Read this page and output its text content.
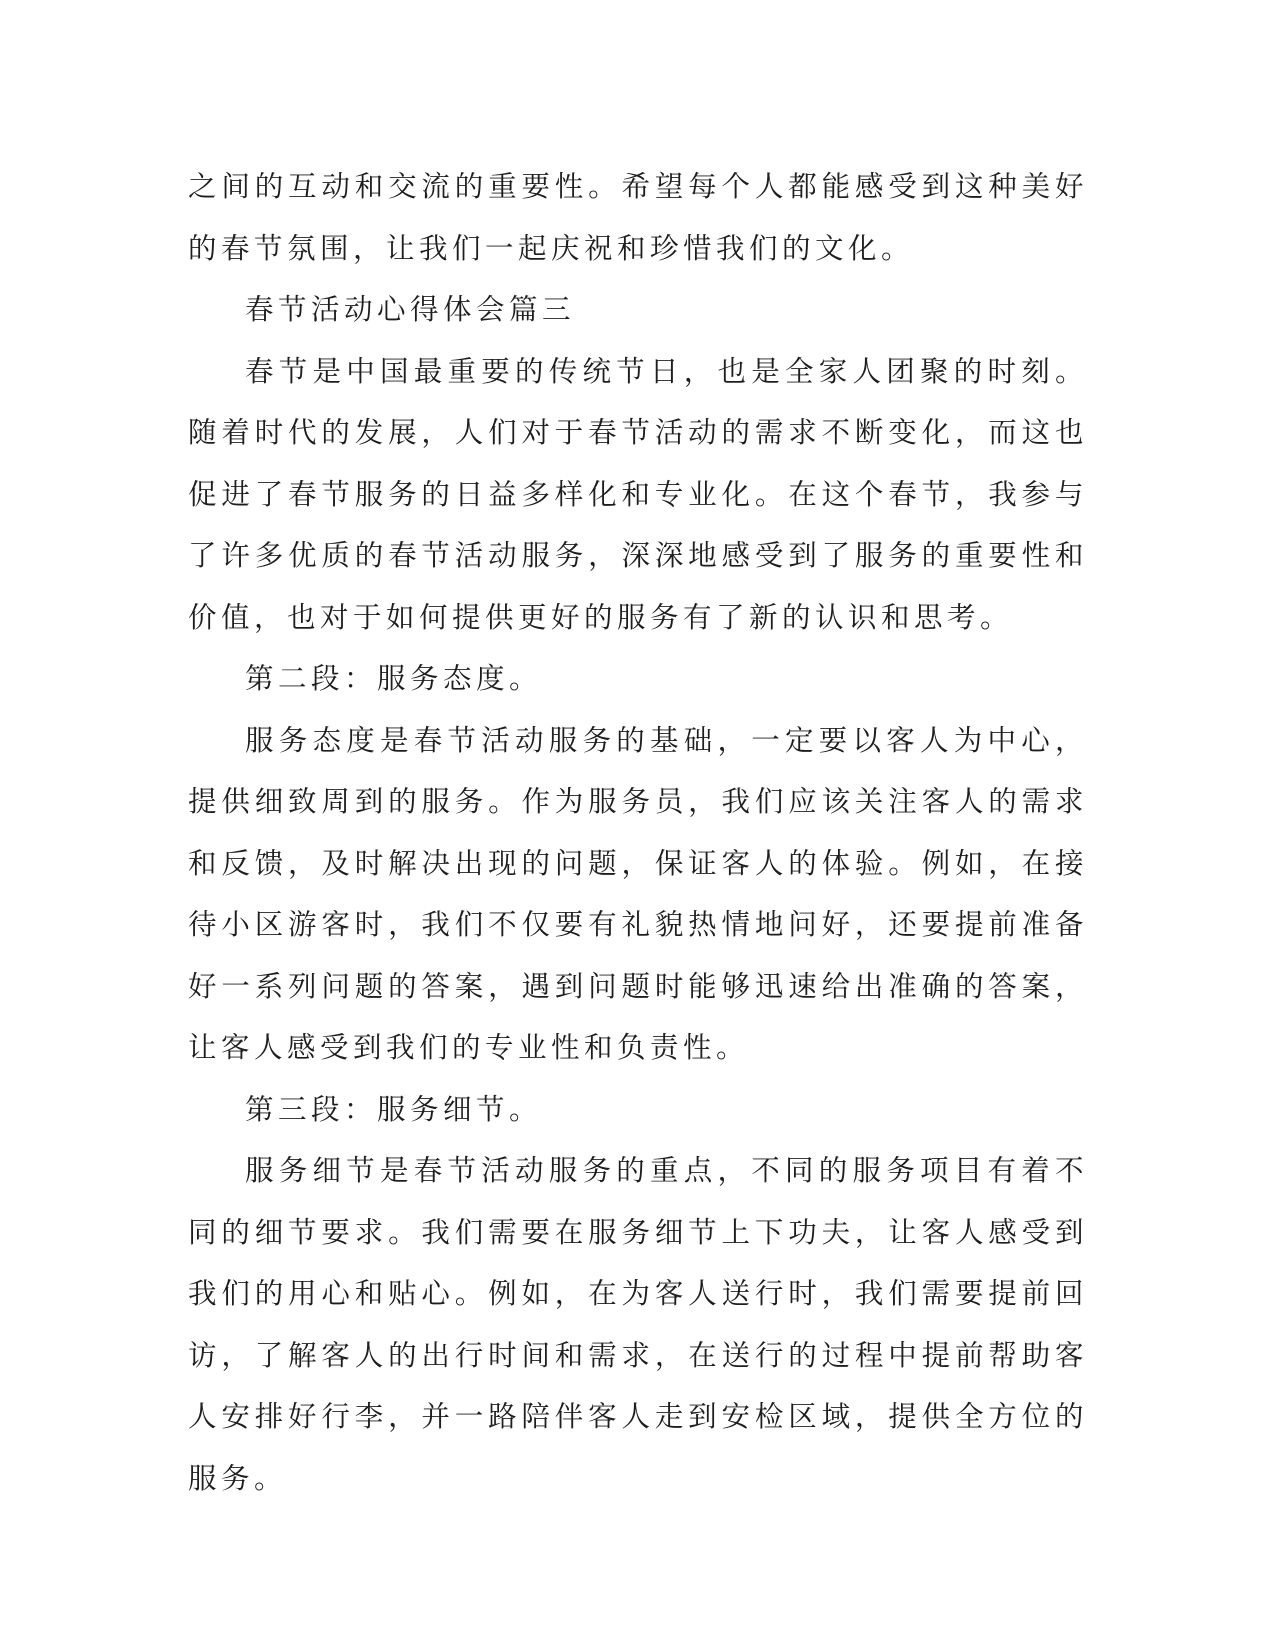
之间的互动和交流的重要性。希望每个人都能感受到这种美好的春节氛围，让我们一起庆祝和珍惜我们的文化。

春节活动心得体会篇三

春节是中国最重要的传统节日，也是全家人团聚的时刻。随着时代的发展，人们对于春节活动的需求不断变化，而这也促进了春节服务的日益多样化和专业化。在这个春节，我参与了许多优质的春节活动服务，深深地感受到了服务的重要性和价值，也对于如何提供更好的服务有了新的认识和思考。

第二段：服务态度。

服务态度是春节活动服务的基础，一定要以客人为中心，提供细致周到的服务。作为服务员，我们应该关注客人的需求和反馈，及时解决出现的问题，保证客人的体验。例如，在接待小区游客时，我们不仅要有礼貌热情地问好，还要提前准备好一系列问题的答案，遇到问题时能够迅速给出准确的答案，让客人感受到我们的专业性和负责性。

第三段：服务细节。

服务细节是春节活动服务的重点，不同的服务项目有着不同的细节要求。我们需要在服务细节上下功夫，让客人感受到我们的用心和贴心。例如，在为客人送行时，我们需要提前回访，了解客人的出行时间和需求，在送行的过程中提前帮助客人安排好行李，并一路陪伴客人走到安检区域，提供全方位的服务。
